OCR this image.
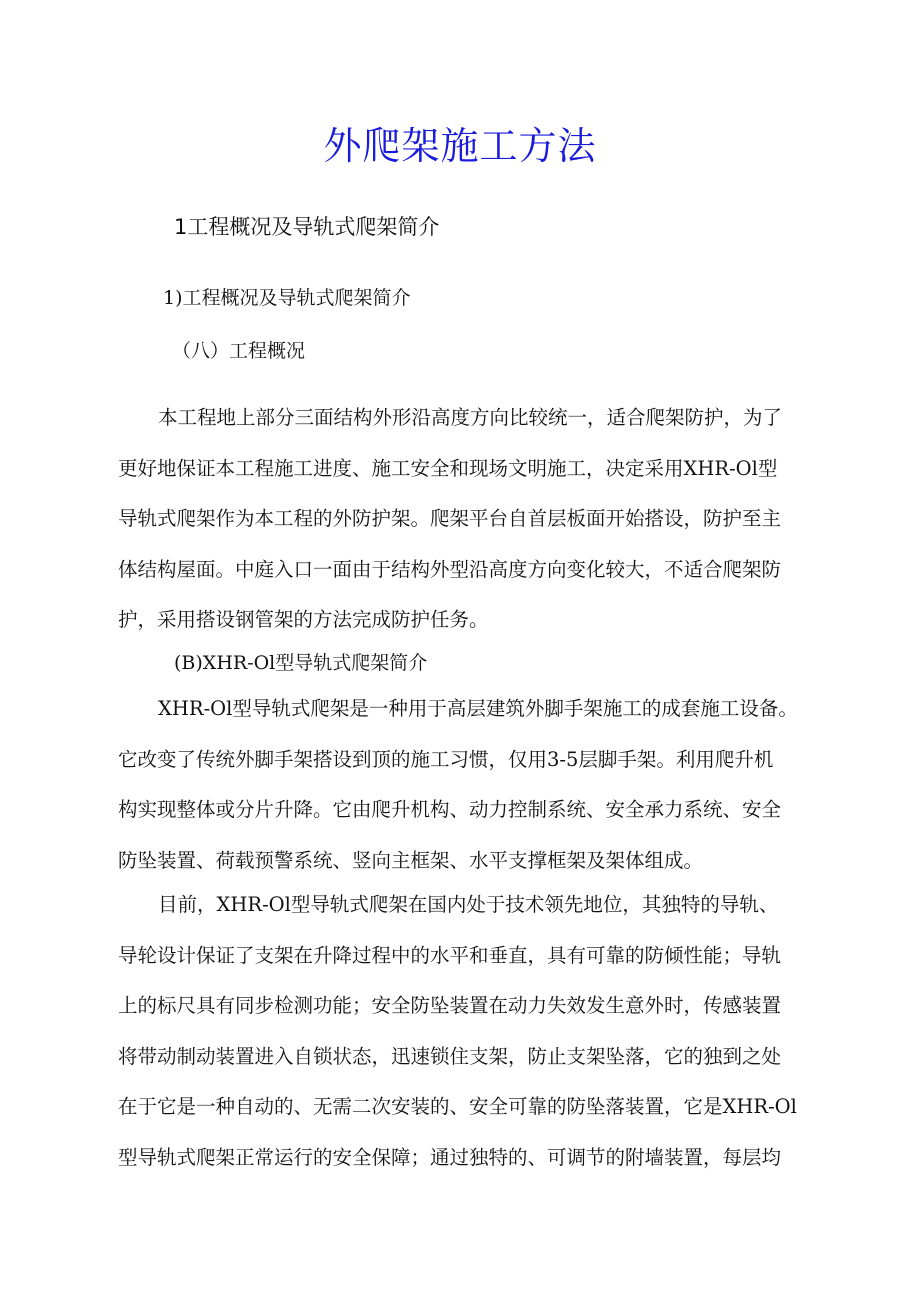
外爬架施工方法
1工程概况及导轨式爬架简介
1)工程概况及导轨式爬架简介
（八）工程概况
本工程地上部分三面结构外形沿高度方向比较统一，适合爬架防护，为了
更好地保证本工程施工进度、施工安全和现场文明施工，决定采用XHR-Ol型
导轨式爬架作为本工程的外防护架。爬架平台自首层板面开始搭设，防护至主
体结构屋面。中庭入口一面由于结构外型沿高度方向变化较大，不适合爬架防
护，采用搭设钢管架的方法完成防护任务。
(B)XHR-Ol型导轨式爬架简介
XHR-Ol型导轨式爬架是一种用于高层建筑外脚手架施工的成套施工设备。
它改变了传统外脚手架搭设到顶的施工习惯，仅用3-5层脚手架。利用爬升机
构实现整体或分片升降。它由爬升机构、动力控制系统、安全承力系统、安全
防坠装置、荷载预警系统、竖向主框架、水平支撑框架及架体组成。
目前，XHR-Ol型导轨式爬架在国内处于技术领先地位，其独特的导轨、
导轮设计保证了支架在升降过程中的水平和垂直，具有可靠的防倾性能；导轨
上的标尺具有同步检测功能；安全防坠装置在动力失效发生意外时，传感装置
将带动制动装置进入自锁状态，迅速锁住支架，防止支架坠落，它的独到之处
在于它是一种自动的、无需二次安装的、安全可靠的防坠落装置，它是XHR-Ol
型导轨式爬架正常运行的安全保障；通过独特的、可调节的附墙装置，每层均
